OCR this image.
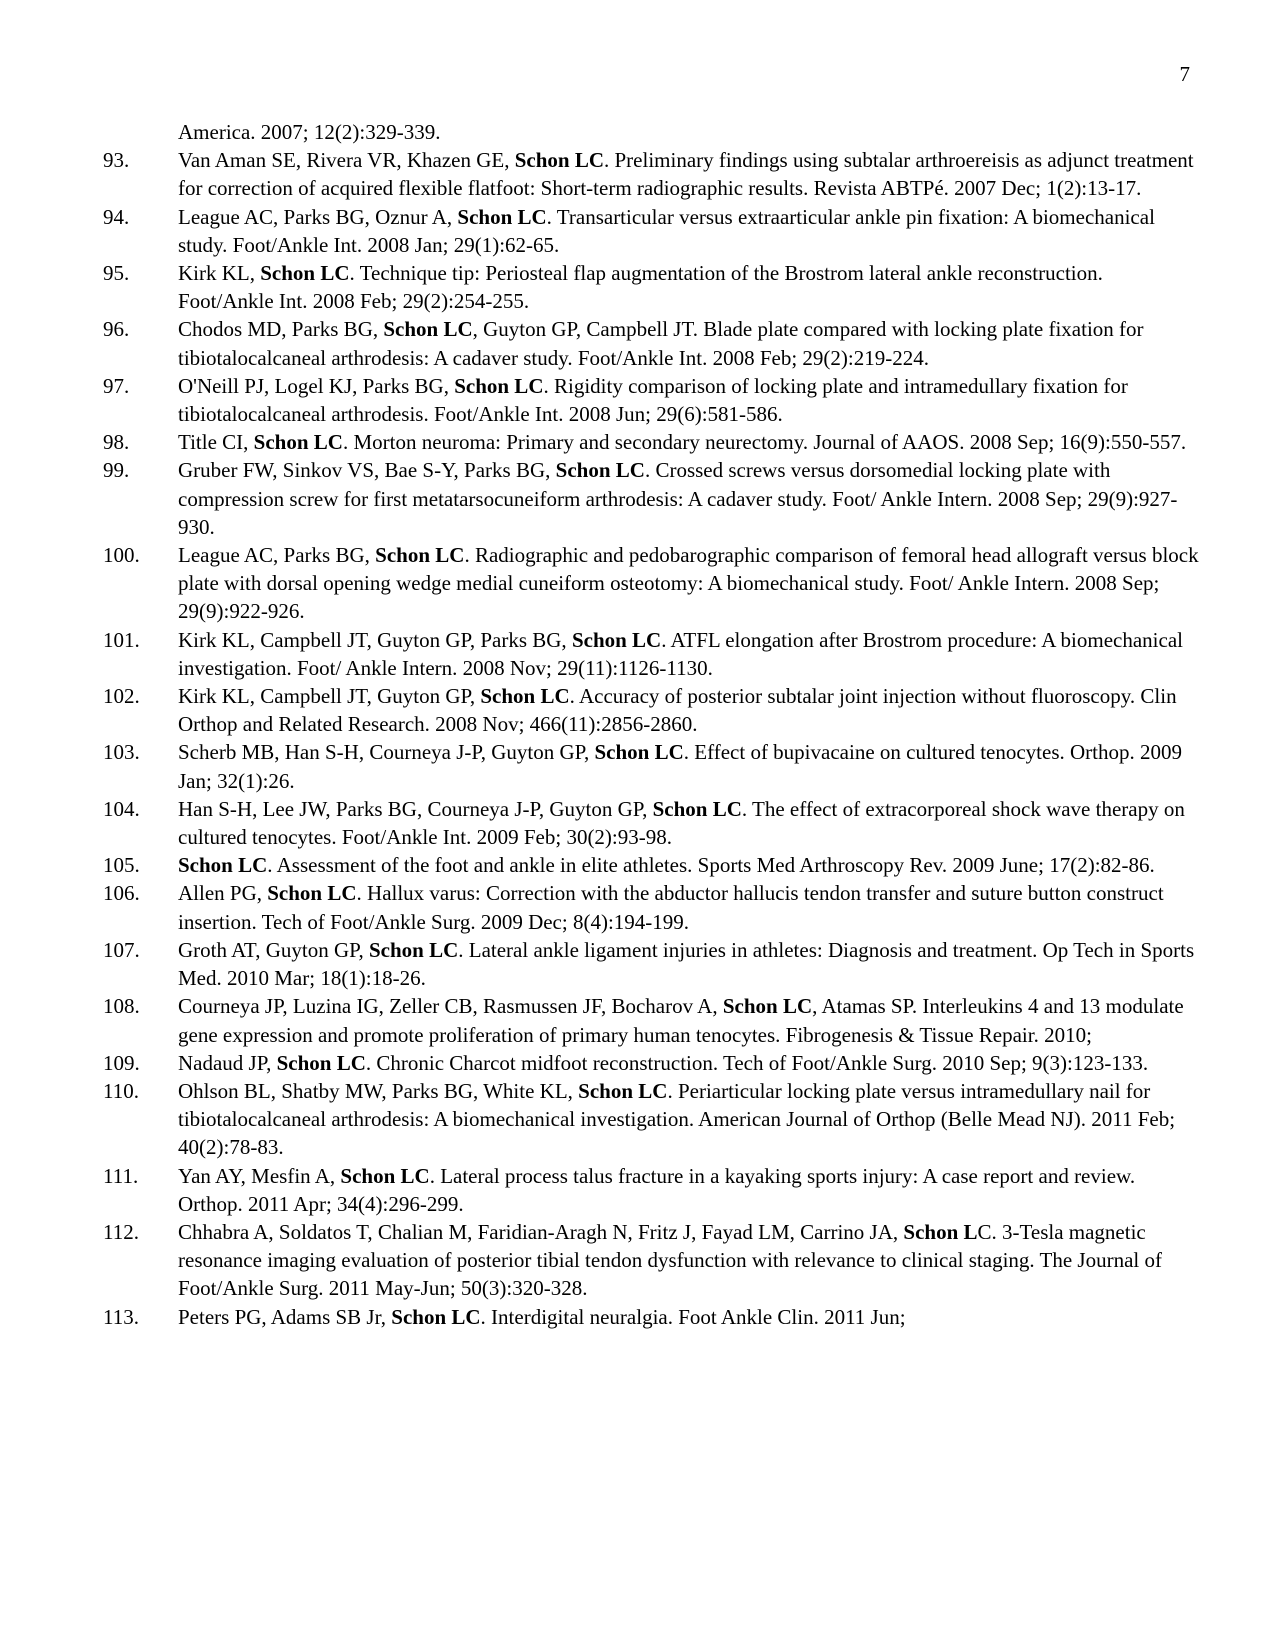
7
America. 2007; 12(2):329-339.
93. Van Aman SE, Rivera VR, Khazen GE, Schon LC. Preliminary findings using subtalar arthroereisis as adjunct treatment for correction of acquired flexible flatfoot: Short-term radiographic results. Revista ABTPé. 2007 Dec; 1(2):13-17.
94. League AC, Parks BG, Oznur A, Schon LC. Transarticular versus extraarticular ankle pin fixation: A biomechanical study. Foot/Ankle Int. 2008 Jan; 29(1):62-65.
95. Kirk KL, Schon LC. Technique tip: Periosteal flap augmentation of the Brostrom lateral ankle reconstruction. Foot/Ankle Int. 2008 Feb; 29(2):254-255.
96. Chodos MD, Parks BG, Schon LC, Guyton GP, Campbell JT. Blade plate compared with locking plate fixation for tibiotalocalcaneal arthrodesis: A cadaver study. Foot/Ankle Int. 2008 Feb; 29(2):219-224.
97. O'Neill PJ, Logel KJ, Parks BG, Schon LC. Rigidity comparison of locking plate and intramedullary fixation for tibiotalocalcaneal arthrodesis. Foot/Ankle Int. 2008 Jun; 29(6):581-586.
98. Title CI, Schon LC. Morton neuroma: Primary and secondary neurectomy. Journal of AAOS. 2008 Sep; 16(9):550-557.
99. Gruber FW, Sinkov VS, Bae S-Y, Parks BG, Schon LC. Crossed screws versus dorsomedial locking plate with compression screw for first metatarsocuneiform arthrodesis: A cadaver study. Foot/ Ankle Intern. 2008 Sep; 29(9):927-930.
100. League AC, Parks BG, Schon LC. Radiographic and pedobarographic comparison of femoral head allograft versus block plate with dorsal opening wedge medial cuneiform osteotomy: A biomechanical study. Foot/ Ankle Intern. 2008 Sep; 29(9):922-926.
101. Kirk KL, Campbell JT, Guyton GP, Parks BG, Schon LC. ATFL elongation after Brostrom procedure: A biomechanical investigation. Foot/ Ankle Intern. 2008 Nov; 29(11):1126-1130.
102. Kirk KL, Campbell JT, Guyton GP, Schon LC. Accuracy of posterior subtalar joint injection without fluoroscopy. Clin Orthop and Related Research. 2008 Nov; 466(11):2856-2860.
103. Scherb MB, Han S-H, Courneya J-P, Guyton GP, Schon LC. Effect of bupivacaine on cultured tenocytes. Orthop. 2009 Jan; 32(1):26.
104. Han S-H, Lee JW, Parks BG, Courneya J-P, Guyton GP, Schon LC. The effect of extracorporeal shock wave therapy on cultured tenocytes. Foot/Ankle Int. 2009 Feb; 30(2):93-98.
105. Schon LC. Assessment of the foot and ankle in elite athletes. Sports Med Arthroscopy Rev. 2009 June; 17(2):82-86.
106. Allen PG, Schon LC. Hallux varus: Correction with the abductor hallucis tendon transfer and suture button construct insertion. Tech of Foot/Ankle Surg. 2009 Dec; 8(4):194-199.
107. Groth AT, Guyton GP, Schon LC. Lateral ankle ligament injuries in athletes: Diagnosis and treatment. Op Tech in Sports Med. 2010 Mar; 18(1):18-26.
108. Courneya JP, Luzina IG, Zeller CB, Rasmussen JF, Bocharov A, Schon LC, Atamas SP. Interleukins 4 and 13 modulate gene expression and promote proliferation of primary human tenocytes. Fibrogenesis & Tissue Repair. 2010;
109. Nadaud JP, Schon LC. Chronic Charcot midfoot reconstruction. Tech of Foot/Ankle Surg. 2010 Sep; 9(3):123-133.
110. Ohlson BL, Shatby MW, Parks BG, White KL, Schon LC. Periarticular locking plate versus intramedullary nail for tibiotalocalcaneal arthrodesis: A biomechanical investigation. American Journal of Orthop (Belle Mead NJ). 2011 Feb; 40(2):78-83.
111. Yan AY, Mesfin A, Schon LC. Lateral process talus fracture in a kayaking sports injury: A case report and review. Orthop. 2011 Apr; 34(4):296-299.
112. Chhabra A, Soldatos T, Chalian M, Faridian-Aragh N, Fritz J, Fayad LM, Carrino JA, Schon LC. 3-Tesla magnetic resonance imaging evaluation of posterior tibial tendon dysfunction with relevance to clinical staging. The Journal of Foot/Ankle Surg. 2011 May-Jun; 50(3):320-328.
113. Peters PG, Adams SB Jr, Schon LC. Interdigital neuralgia. Foot Ankle Clin. 2011 Jun;
